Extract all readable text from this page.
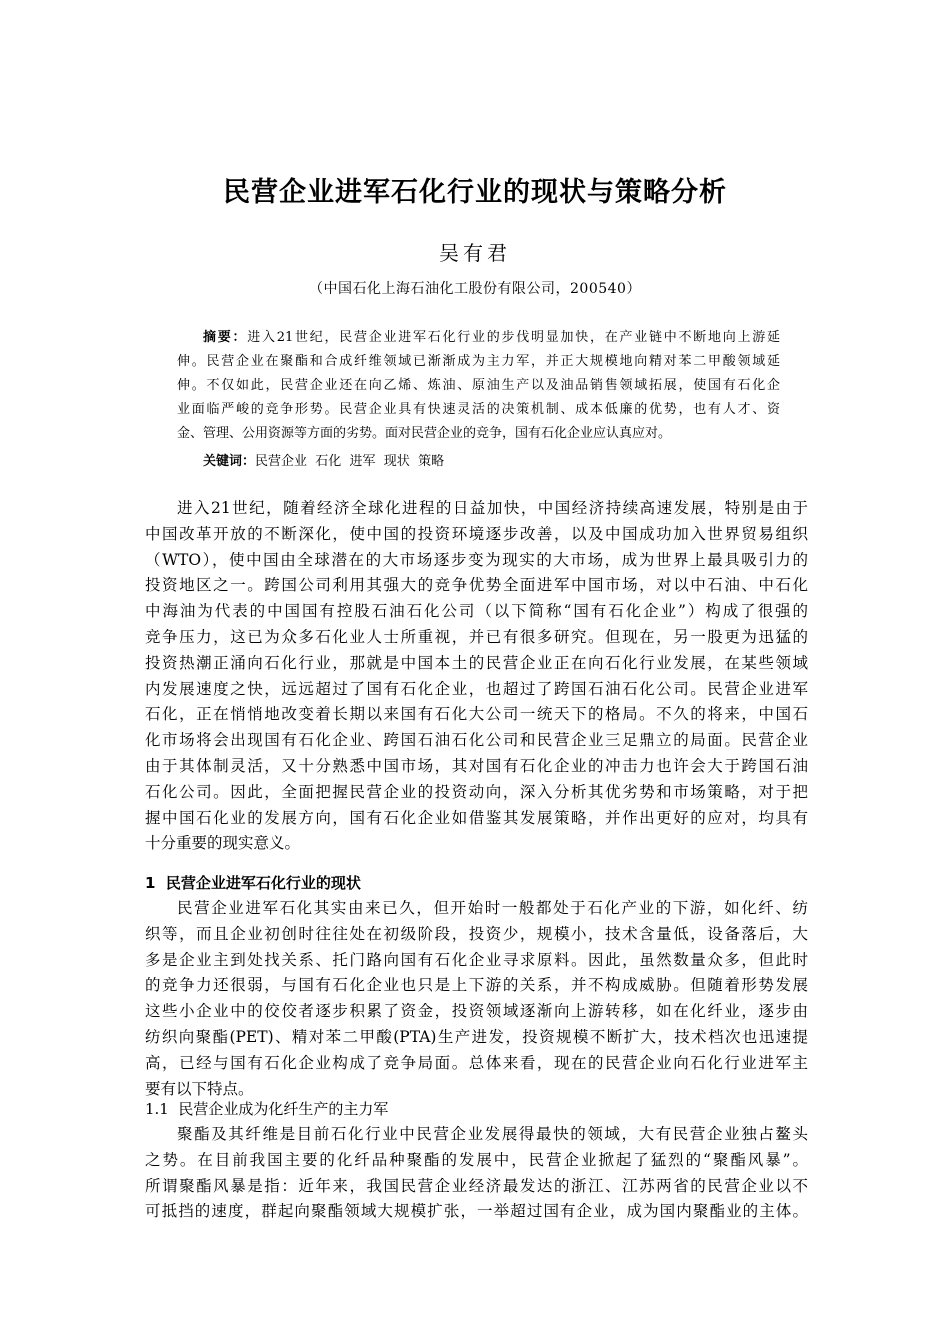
民营企业进军石化行业的现状与策略分析
吴有君
（中国石化上海石油化工股份有限公司，200540）
摘要：进入21世纪，民营企业进军石化行业的步伐明显加快，在产业链中不断地向上游延
伸。民营企业在聚酯和合成纤维领域已渐渐成为主力军，并正大规模地向精对苯二甲酸领域延
伸。不仅如此，民营企业还在向乙烯、炼油、原油生产以及油品销售领域拓展，使国有石化企
业面临严峻的竞争形势。民营企业具有快速灵活的决策机制、成本低廉的优势，也有人才、资
金、管理、公用资源等方面的劣势。面对民营企业的竞争，国有石化企业应认真应对。
关键词：民营企业  石化  进军  现状  策略
进入21世纪，随着经济全球化进程的日益加快，中国经济持续高速发展，特别是由于
中国改革开放的不断深化，使中国的投资环境逐步改善，以及中国成功加入世界贸易组织
（WTO），使中国由全球潜在的大市场逐步变为现实的大市场，成为世界上最具吸引力的
投资地区之一。跨国公司利用其强大的竞争优势全面进军中国市场，对以中石油、中石化
中海油为代表的中国国有控股石油石化公司（以下简称“国有石化企业”）构成了很强的
竞争压力，这已为众多石化业人士所重视，并已有很多研究。但现在，另一股更为迅猛的
投资热潮正涌向石化行业，那就是中国本土的民营企业正在向石化行业发展，在某些领域
内发展速度之快，远远超过了国有石化企业，也超过了跨国石油石化公司。民营企业进军
石化，正在悄悄地改变着长期以来国有石化大公司一统天下的格局。不久的将来，中国石
化市场将会出现国有石化企业、跨国石油石化公司和民营企业三足鼎立的局面。民营企业
由于其体制灵活，又十分熟悉中国市场，其对国有石化企业的冲击力也许会大于跨国石油
石化公司。因此，全面把握民营企业的投资动向，深入分析其优劣势和市场策略，对于把
握中国石化业的发展方向，国有石化企业如借鉴其发展策略，并作出更好的应对，均具有
十分重要的现实意义。
1  民营企业进军石化行业的现状
民营企业进军石化其实由来已久，但开始时一般都处于石化产业的下游，如化纤、纺
织等，而且企业初创时往往处在初级阶段，投资少，规模小，技术含量低，设备落后，大
多是企业主到处找关系、托门路向国有石化企业寻求原料。因此，虽然数量众多，但此时
的竞争力还很弱，与国有石化企业也只是上下游的关系，并不构成威胁。但随着形势发展
这些小企业中的佼佼者逐步积累了资金，投资领域逐渐向上游转移，如在化纤业，逐步由
纺织向聚酯(PET)、精对苯二甲酸(PTA)生产进发，投资规模不断扩大，技术档次也迅速提
高，已经与国有石化企业构成了竞争局面。总体来看，现在的民营企业向石化行业进军主
要有以下特点。
1.1  民营企业成为化纤生产的主力军
聚酯及其纤维是目前石化行业中民营企业发展得最快的领域，大有民营企业独占鳌头
之势。在目前我国主要的化纤品种聚酯的发展中，民营企业掀起了猛烈的“聚酯风暴”。
所谓聚酯风暴是指：近年来，我国民营企业经济最发达的浙江、江苏两省的民营企业以不
可抵挡的速度，群起向聚酯领域大规模扩张，一举超过国有企业，成为国内聚酯业的主体。
